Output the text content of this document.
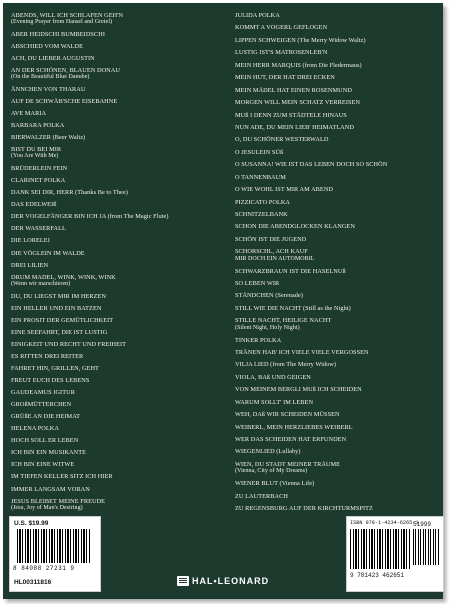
ABENDS, WILL ICH SCHLAFEN GEH'N
(Evening Prayer from Hansel and Gretel)
ABER HEIDSCHI BUMBEIDSCHI
ABSCHIED VOM WALDE
ACH, DU LIEBER AUGUSTIN
AN DER SCHÖNEN, BLAUEN DONAU
(On the Beautiful Blue Danube)
ÄNNCHEN VON THARAU
AUF DE SCHWÄB'SCHE EISEBAHNE
AVE MARIA
BARBARA POLKA
BIERWALZER (Beer Waltz)
BIST DU BEI MIR
(You Are With Me)
BRÜDERLEIN FEIN
CLARINET POLKA
DANK SEI DIR, HERR (Thanks Be to Thee)
DAS EDELWEIß
DER VOGELFÄNGER BIN ICH JA (from The Magic Flute)
DER WASSERFALL
DIE LORELEI
DIE VÖGLEIN IM WALDE
DREI LILIEN
DRUM MADEL, WINK, WINK, WINK
(Wenn wir marschieren)
DU, DU LIEGST MIR IM HERZEN
EIN HELLER UND EIN BATZEN
EIN PROSIT DER GEMÜTLICHKEIT
EINE SEEFAHRT, DIE IST LUSTIG
EINIGKEIT UND RECHT UND FREIHEIT
ES RITTEN DREI REITER
FAHRET HIN, GRILLEN, GEHT
FREUT EUCH DES LEBENS
GAUDEAMUS IGITUR
GROßMÜTTERCHEN
GRÜßE AN DIE HEIMAT
HELENA POLKA
HOCH SOLL ER LEBEN
ICH BIN EIN MUSIKANTE
ICH BIN EINE WITWE
IM TIEFEN KELLER SITZ ICH HIER
IMMER LANGSAM VORAN
JESUS BLEIBET MEINE FREUDE
(Jesu, Joy of Man's Desiring)
JULIDA POLKA
KOMMT A VOGERL GEFLOGEN
LIPPEN SCHWEIGEN (The Merry Widow Waltz)
LUSTIG IST'S MATROSENLEB'N
MEIN HERR MARQUIS (from Die Fledermaus)
MEIN HUT, DER HAT DREI ECKEN
MEIN MÄDEL HAT EINEN ROSENMUND
MORGEN WILL MEIN SCHATZ VERREISEN
MUß I DENN ZUM STÄDTELE HINAUS
NUN ADE, DU MEIN LIEB' HEIMATLAND
O, DU SCHÖNER WESTERWALD
O JESULEIN SÜß
O SUSANNA! WIE IST DAS LEBEN DOCH SO SCHÖN
O TANNENBAUM
O WIE WOHL IST MIR AM ABEND
PIZZICATO POLKA
SCHNITZELBANK
SCHON DIE ABENDGLOCKEN KLANGEN
SCHÖN IST DIE JUGEND
SCHORSCHL, ACH KAUF
MIR DOCH EIN AUTOMOBIL
SCHWARZBRAUN IST DIE HASELNUß
SO LEBEN WIR
STÄNDCHEN (Serenade)
STILL WIE DIE NACHT (Still as the Night)
STILLE NACHT, HEILIGE NACHT
(Silent Night, Holy Night)
TINKER POLKA
TRÄNEN HAB' ICH VIELE VIELE VERGOSSEN
VILJA LIED (from The Merry Widow)
VIOLA, BAß UND GEIGEN
VON MEINEM BERGLI MUß ICH SCHEIDEN
WARUM SOLLT' IM LEBEN
WEH, DAß WIR SCHEIDEN MÜSSEN
WEIBERL, MEIN HERZLIEBES WEIBERL
WER DAS SCHEIDEN HAT ERFUNDEN
WIEGENLIED (Lullaby)
WIEN, DU STADT MEINER TRÄUME
(Vienna, City of My Dreams)
WIENER BLUT (Vienna Life)
ZU LAUTERBACH
ZU REGENSBURG AUF DER KIRCHTURMSPITZ
U.S. $19.99
8 84088 27231 9
HL00311816	HAL•LEONARD
ISBN 978-1-4234-6265-1
51999
9 781423 462651
